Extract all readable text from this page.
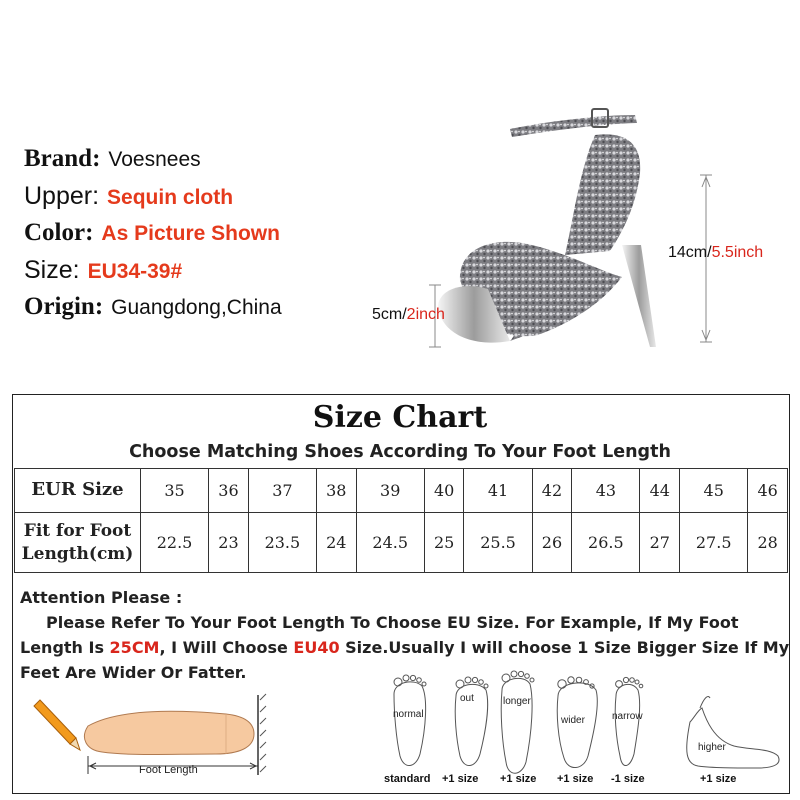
Brand: Voesnees
Upper: Sequin cloth
Color: As Picture Shown
Size: EU34-39#
Origin: Guangdong,China
14cm/5.5inch
5cm/2inch
Size Chart
Choose Matching Shoes According To Your Foot Length
EUR Size	35	36	37	38	39	40	41	42	43	44	45	46
Fit for Foot
Length(cm)	22.5	23	23.5	24	24.5	25	25.5	26	26.5	27	27.5	28
Attention Please :
Please Refer To Your Foot Length To Choose EU Size. For Example, If My Foot Length Is 25CM, I Will Choose EU40 Size.Usually I will choose 1 Size Bigger Size If My Feet Are Wider Or Fatter.
Foot Length
normal
out	longer
wider	narrow
higher
standard +1 size +1 size +1 size -1 size	+1 size
